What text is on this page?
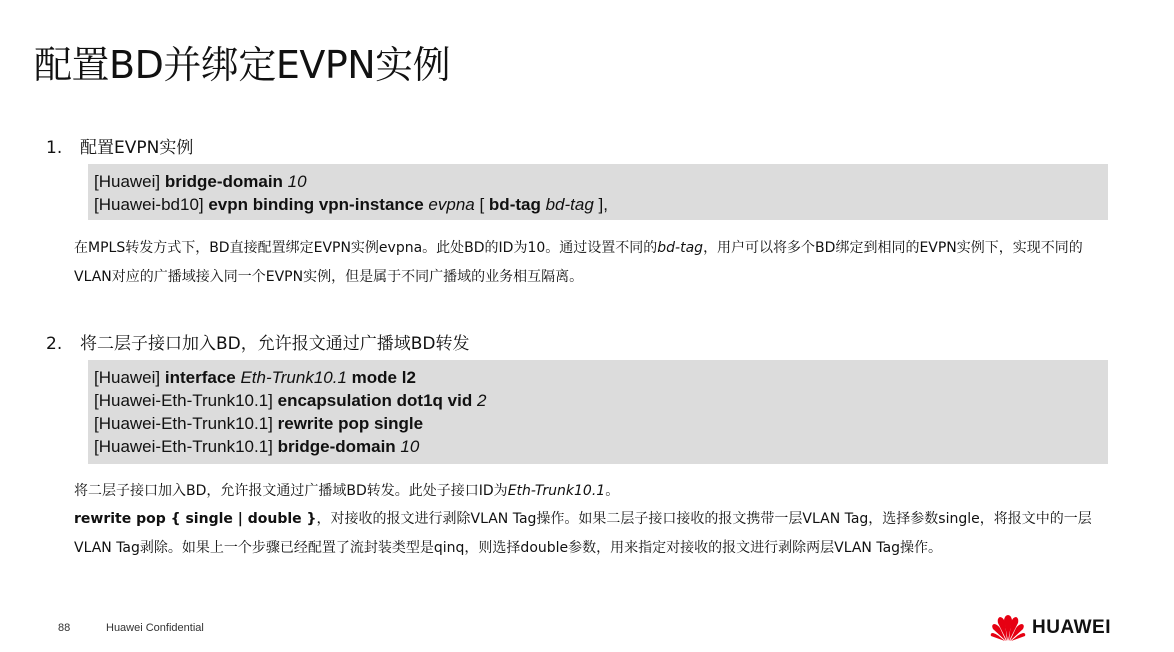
配置BD并绑定EVPN实例
1. 配置EVPN实例
[Huawei] bridge-domain 10
[Huawei-bd10] evpn binding vpn-instance evpna [ bd-tag bd-tag ],
在MPLS转发方式下，BD直接配置绑定EVPN实例evpna。此处BD的ID为10。通过设置不同的bd-tag，用户可以将多个BD绑定到相同的EVPN实例下，实现不同的VLAN对应的广播域接入同一个EVPN实例，但是属于不同广播域的业务相互隔离。
2. 将二层子接口加入BD，允许报文通过广播域BD转发
[Huawei] interface Eth-Trunk10.1 mode l2
[Huawei-Eth-Trunk10.1] encapsulation dot1q vid 2
[Huawei-Eth-Trunk10.1] rewrite pop single
[Huawei-Eth-Trunk10.1] bridge-domain 10
将二层子接口加入BD，允许报文通过广播域BD转发。此处子接口ID为Eth-Trunk10.1。
rewrite pop { single | double }，对接收的报文进行剥除VLAN Tag操作。如果二层子接口接收的报文携带一层VLAN Tag，选择参数single，将报文中的一层VLAN Tag剥除。如果上一个步骤已经配置了流封装类型是qinq，则选择double参数，用来指定对接收的报文进行剥除两层VLAN Tag操作。
88	Huawei Confidential	HUAWEI
